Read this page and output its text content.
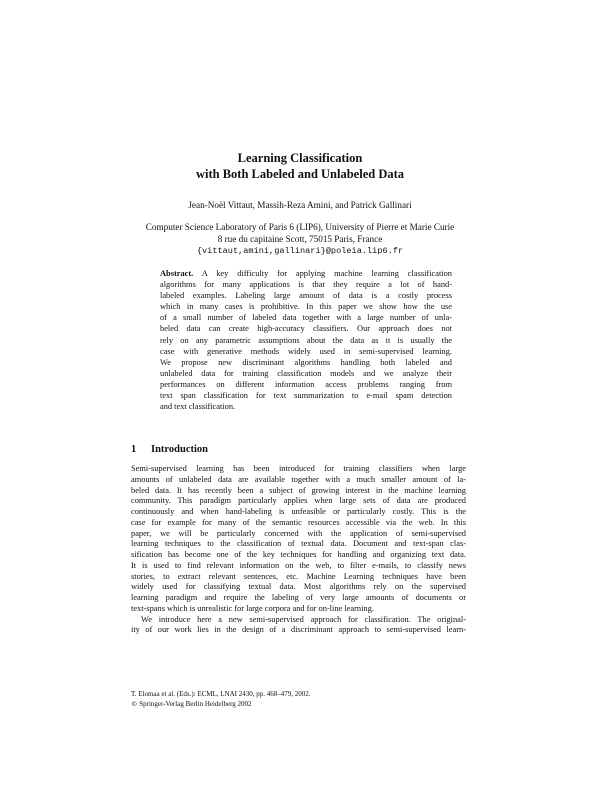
Learning Classification
with Both Labeled and Unlabeled Data
Jean-Noël Vittaut, Massih-Reza Amini, and Patrick Gallinari
Computer Science Laboratory of Paris 6 (LIP6), University of Pierre et Marie Curie
8 rue du capitaine Scott, 75015 Paris, France
{vittaut,amini,gallinari}@poleia.lip6.fr
Abstract. A key difficulty for applying machine learning classification
algorithms for many applications is that they require a lot of hand-
labeled examples. Labeling large amount of data is a costly process
which in many cases is prohibitive. In this paper we show how the use
of a small number of labeled data together with a large number of unla-
beled data can create high-accuracy classifiers. Our approach does not
rely on any parametric assumptions about the data as it is usually the
case with generative methods widely used in semi-supervised learning.
We propose new discriminant algorithms handling both labeled and
unlabeled data for training classification models and we analyze their
performances on different information access problems ranging from
text span classification for text summarization to e-mail spam detection
and text classification.
1 Introduction
Semi-supervised learning has been introduced for training classifiers when large
amounts of unlabeled data are available together with a much smaller amount of la-
beled data. It has recently been a subject of growing interest in the machine learning
community. This paradigm particularly applies when large sets of data are produced
continuously and when hand-labeling is unfeasible or particularly costly. This is the
case for example for many of the semantic resources accessible via the web. In this
paper, we will be particularly concerned with the application of semi-supervised
learning techniques to the classification of textual data. Document and text-span clas-
sification has become one of the key techniques for handling and organizing text data.
It is used to find relevant information on the web, to filter e-mails, to classify news
stories, to extract relevant sentences, etc. Machine Learning techniques have been
widely used for classifying textual data. Most algorithms rely on the supervised
learning paradigm and require the labeling of very large amounts of documents or
text-spans which is unrealistic for large corpora and for on-line learning.
We introduce here a new semi-supervised approach for classification. The original-
ity of our work lies in the design of a discriminant approach to semi-supervised learn-
T. Elomaa et al. (Eds.): ECML, LNAI 2430, pp. 468–479, 2002.
© Springer-Verlag Berlin Heidelberg 2002
